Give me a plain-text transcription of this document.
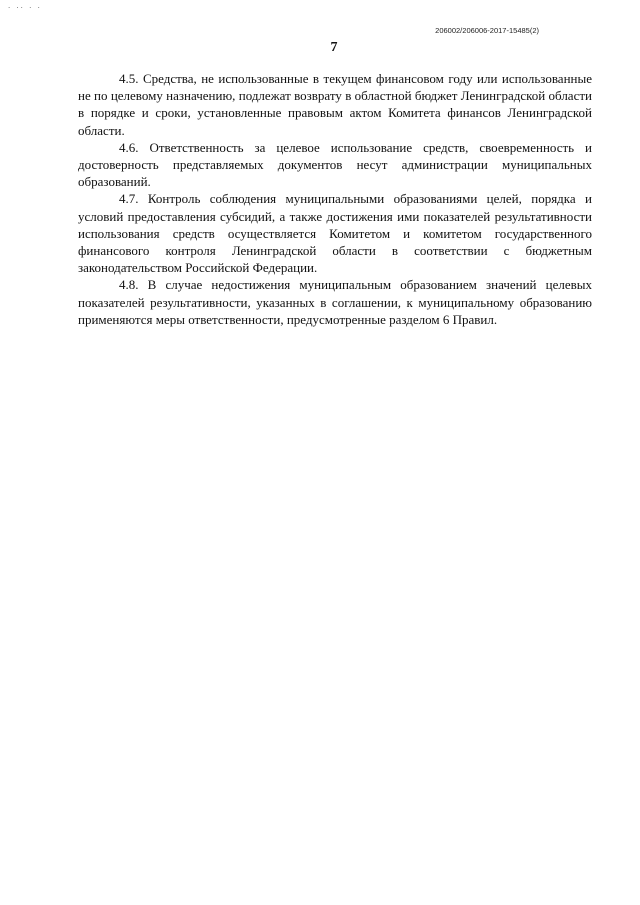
· ·· · ·
206002/206006-2017-15485(2)
7

4.5. Средства, не использованные в текущем финансовом году или использованные не по целевому назначению, подлежат возврату в областной бюджет Ленинградской области в порядке и сроки, установленные правовым актом Комитета финансов Ленинградской области.

4.6. Ответственность за целевое использование средств, своевременность и достоверность представляемых документов несут администрации муниципальных образований.

4.7. Контроль соблюдения муниципальными образованиями целей, порядка и условий предоставления субсидий, а также достижения ими показателей результативности использования средств осуществляется Комитетом и комитетом государственного финансового контроля Ленинградской области в соответствии с бюджетным законодательством Российской Федерации.

4.8. В случае недостижения муниципальным образованием значений целевых показателей результативности, указанных в соглашении, к муниципальному образованию применяются меры ответственности, предусмотренные разделом 6 Правил.
